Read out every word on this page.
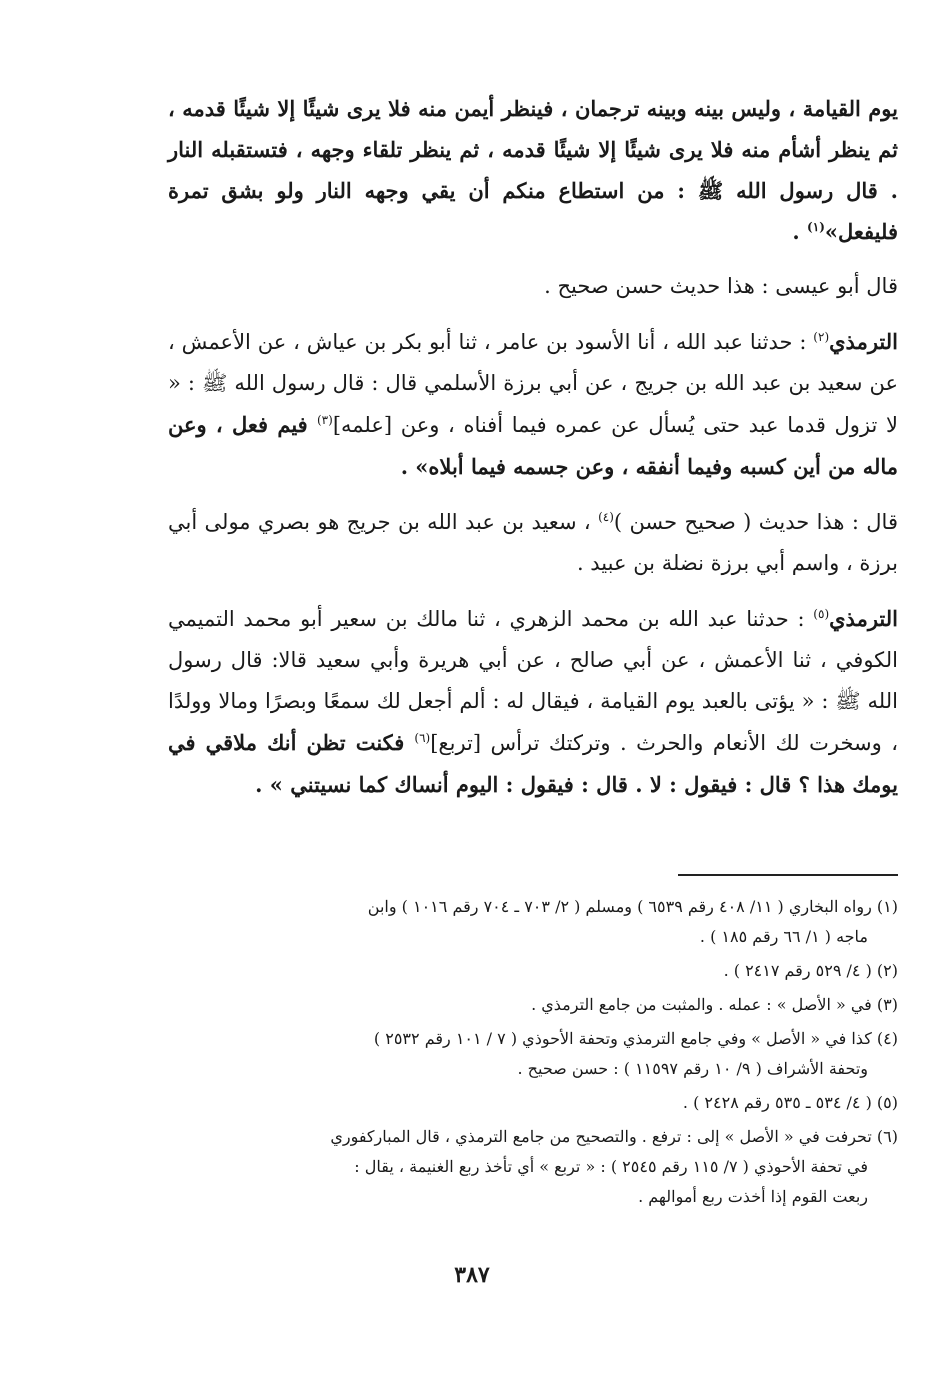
يوم القيامة ، وليس بينه وبينه ترجمان ، فينظر أيمن منه فلا يرى شيئًا إلا شيئًا قدمه ، ثم ينظر أشأم منه فلا يرى شيئًا إلا شيئًا قدمه ، ثم ينظر تلقاء وجهه ، فتستقبله النار . قال رسول الله ﷺ : من استطاع منكم أن يقي وجهه النار ولو بشق تمرة فليفعل»$^{(١)}$ .

قال أبو عيسى : هذا حديث حسن صحيح .

الترمذي$^{(٢)}$ : حدثنا عبد الله ، أنا الأسود بن عامر ، ثنا أبو بكر بن عياش ، عن الأعمش ، عن سعيد بن عبد الله بن جريج ، عن أبي برزة الأسلمي قال : قال رسول الله ﷺ : « لا تزول قدما عبد حتى يُسأل عن عمره فيما أفناه ، وعن [علمه]$^{(٣)}$ فيم فعل ، وعن ماله من أين كسبه وفيما أنفقه ، وعن جسمه فيما أبلاه» .

قال : هذا حديث ( صحيح حسن )$^{(٤)}$ ، سعيد بن عبد الله بن جريج هو بصري مولى أبي برزة ، واسم أبي برزة نضلة بن عبيد .

الترمذي$^{(٥)}$ : حدثنا عبد الله بن محمد الزهري ، ثنا مالك بن سعير أبو محمد التميمي الكوفي ، ثنا الأعمش ، عن أبي صالح ، عن أبي هريرة وأبي سعيد قالا: قال رسول الله ﷺ : « يؤتى بالعبد يوم القيامة ، فيقال له : ألم أجعل لك سمعًا وبصرًا ومالا وولدًا ، وسخرت لك الأنعام والحرث . وتركتك ترأس [تربع]$^{(٦)}$ فكنت تظن أنك ملاقي في يومك هذا ؟ قال : فيقول : لا . قال : فيقول : اليوم أنساك كما نسيتني » .

(١) رواه البخاري ( ١١/ ٤٠٨ رقم ٦٥٣٩ ) ومسلم ( ٢/ ٧٠٣ ـ ٧٠٤ رقم ١٠١٦ ) وابن
ماجه ( ١/ ٦٦ رقم ١٨٥ ) .

(٢) ( ٤/ ٥٢٩ رقم ٢٤١٧ ) .

(٣) في « الأصل » : عمله . والمثبت من جامع الترمذي .

(٤) كذا في « الأصل » وفي جامع الترمذي وتحفة الأحوذي ( ٧ / ١٠١ رقم ٢٥٣٢ )
وتحفة الأشراف ( ٩/ ١٠ رقم ١١٥٩٧ ) : حسن صحيح .

(٥) ( ٤/ ٥٣٤ ـ ٥٣٥ رقم ٢٤٢٨ ) .

(٦) تحرفت في « الأصل » إلى : ترفع . والتصحيح من جامع الترمذي ، قال المباركفوري
في تحفة الأحوذي ( ٧/ ١١٥ رقم ٢٥٤٥ ) : « تربع » أي تأخذ ربع الغنيمة ، يقال :
ربعت القوم إذا أخذت ربع أموالهم .

٣٨٧
